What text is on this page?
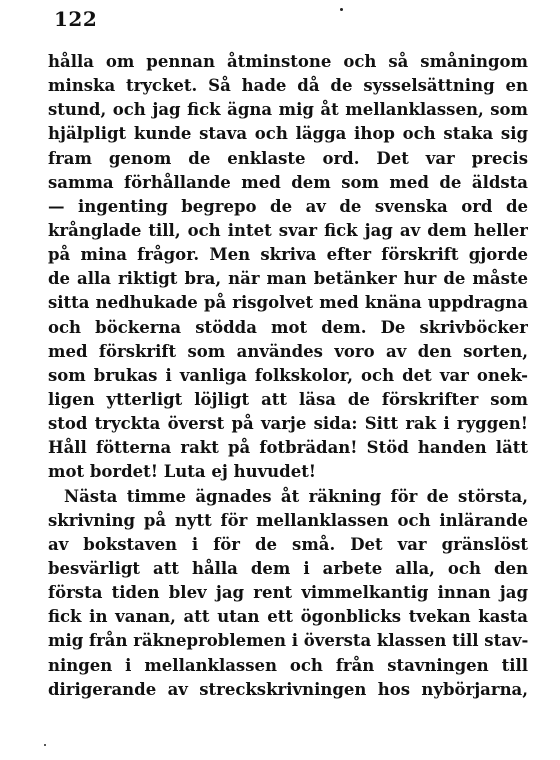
122
hålla om pennan åtminstone och så småningom
minska trycket. Så hade då de sysselsättning en
stund, och jag fick ägna mig åt mellanklassen, som
hjälpligt kunde stava och lägga ihop och staka sig
fram genom de enklaste ord. Det var precis
samma förhållande med dem som med de äldsta
— ingenting begrepo de av de svenska ord de
krånglade till, och intet svar fick jag av dem heller
på mina frågor. Men skriva efter förskrift gjorde
de alla riktigt bra, när man betänker hur de måste
sitta nedhukade på risgolvet med knäna uppdragna
och böckerna stödda mot dem. De skrivböcker
med förskrift som användes voro av den sorten,
som brukas i vanliga folkskolor, och det var onek-
ligen ytterligt löjligt att läsa de förskrifter som
stod tryckta överst på varje sida: Sitt rak i ryggen!
Håll fötterna rakt på fotbrädan! Stöd handen lätt
mot bordet! Luta ej huvudet!
Nästa timme ägnades åt räkning för de största,
skrivning på nytt för mellanklassen och inlärande
av bokstaven i för de små. Det var gränslöst
besvärligt att hålla dem i arbete alla, och den
första tiden blev jag rent vimmelkantig innan jag
fick in vanan, att utan ett ögonblicks tvekan kasta
mig från räkneproblemen i översta klassen till stav-
ningen i mellanklassen och från stavningen till
dirigerande av streckskrivningen hos nybörjarna,
